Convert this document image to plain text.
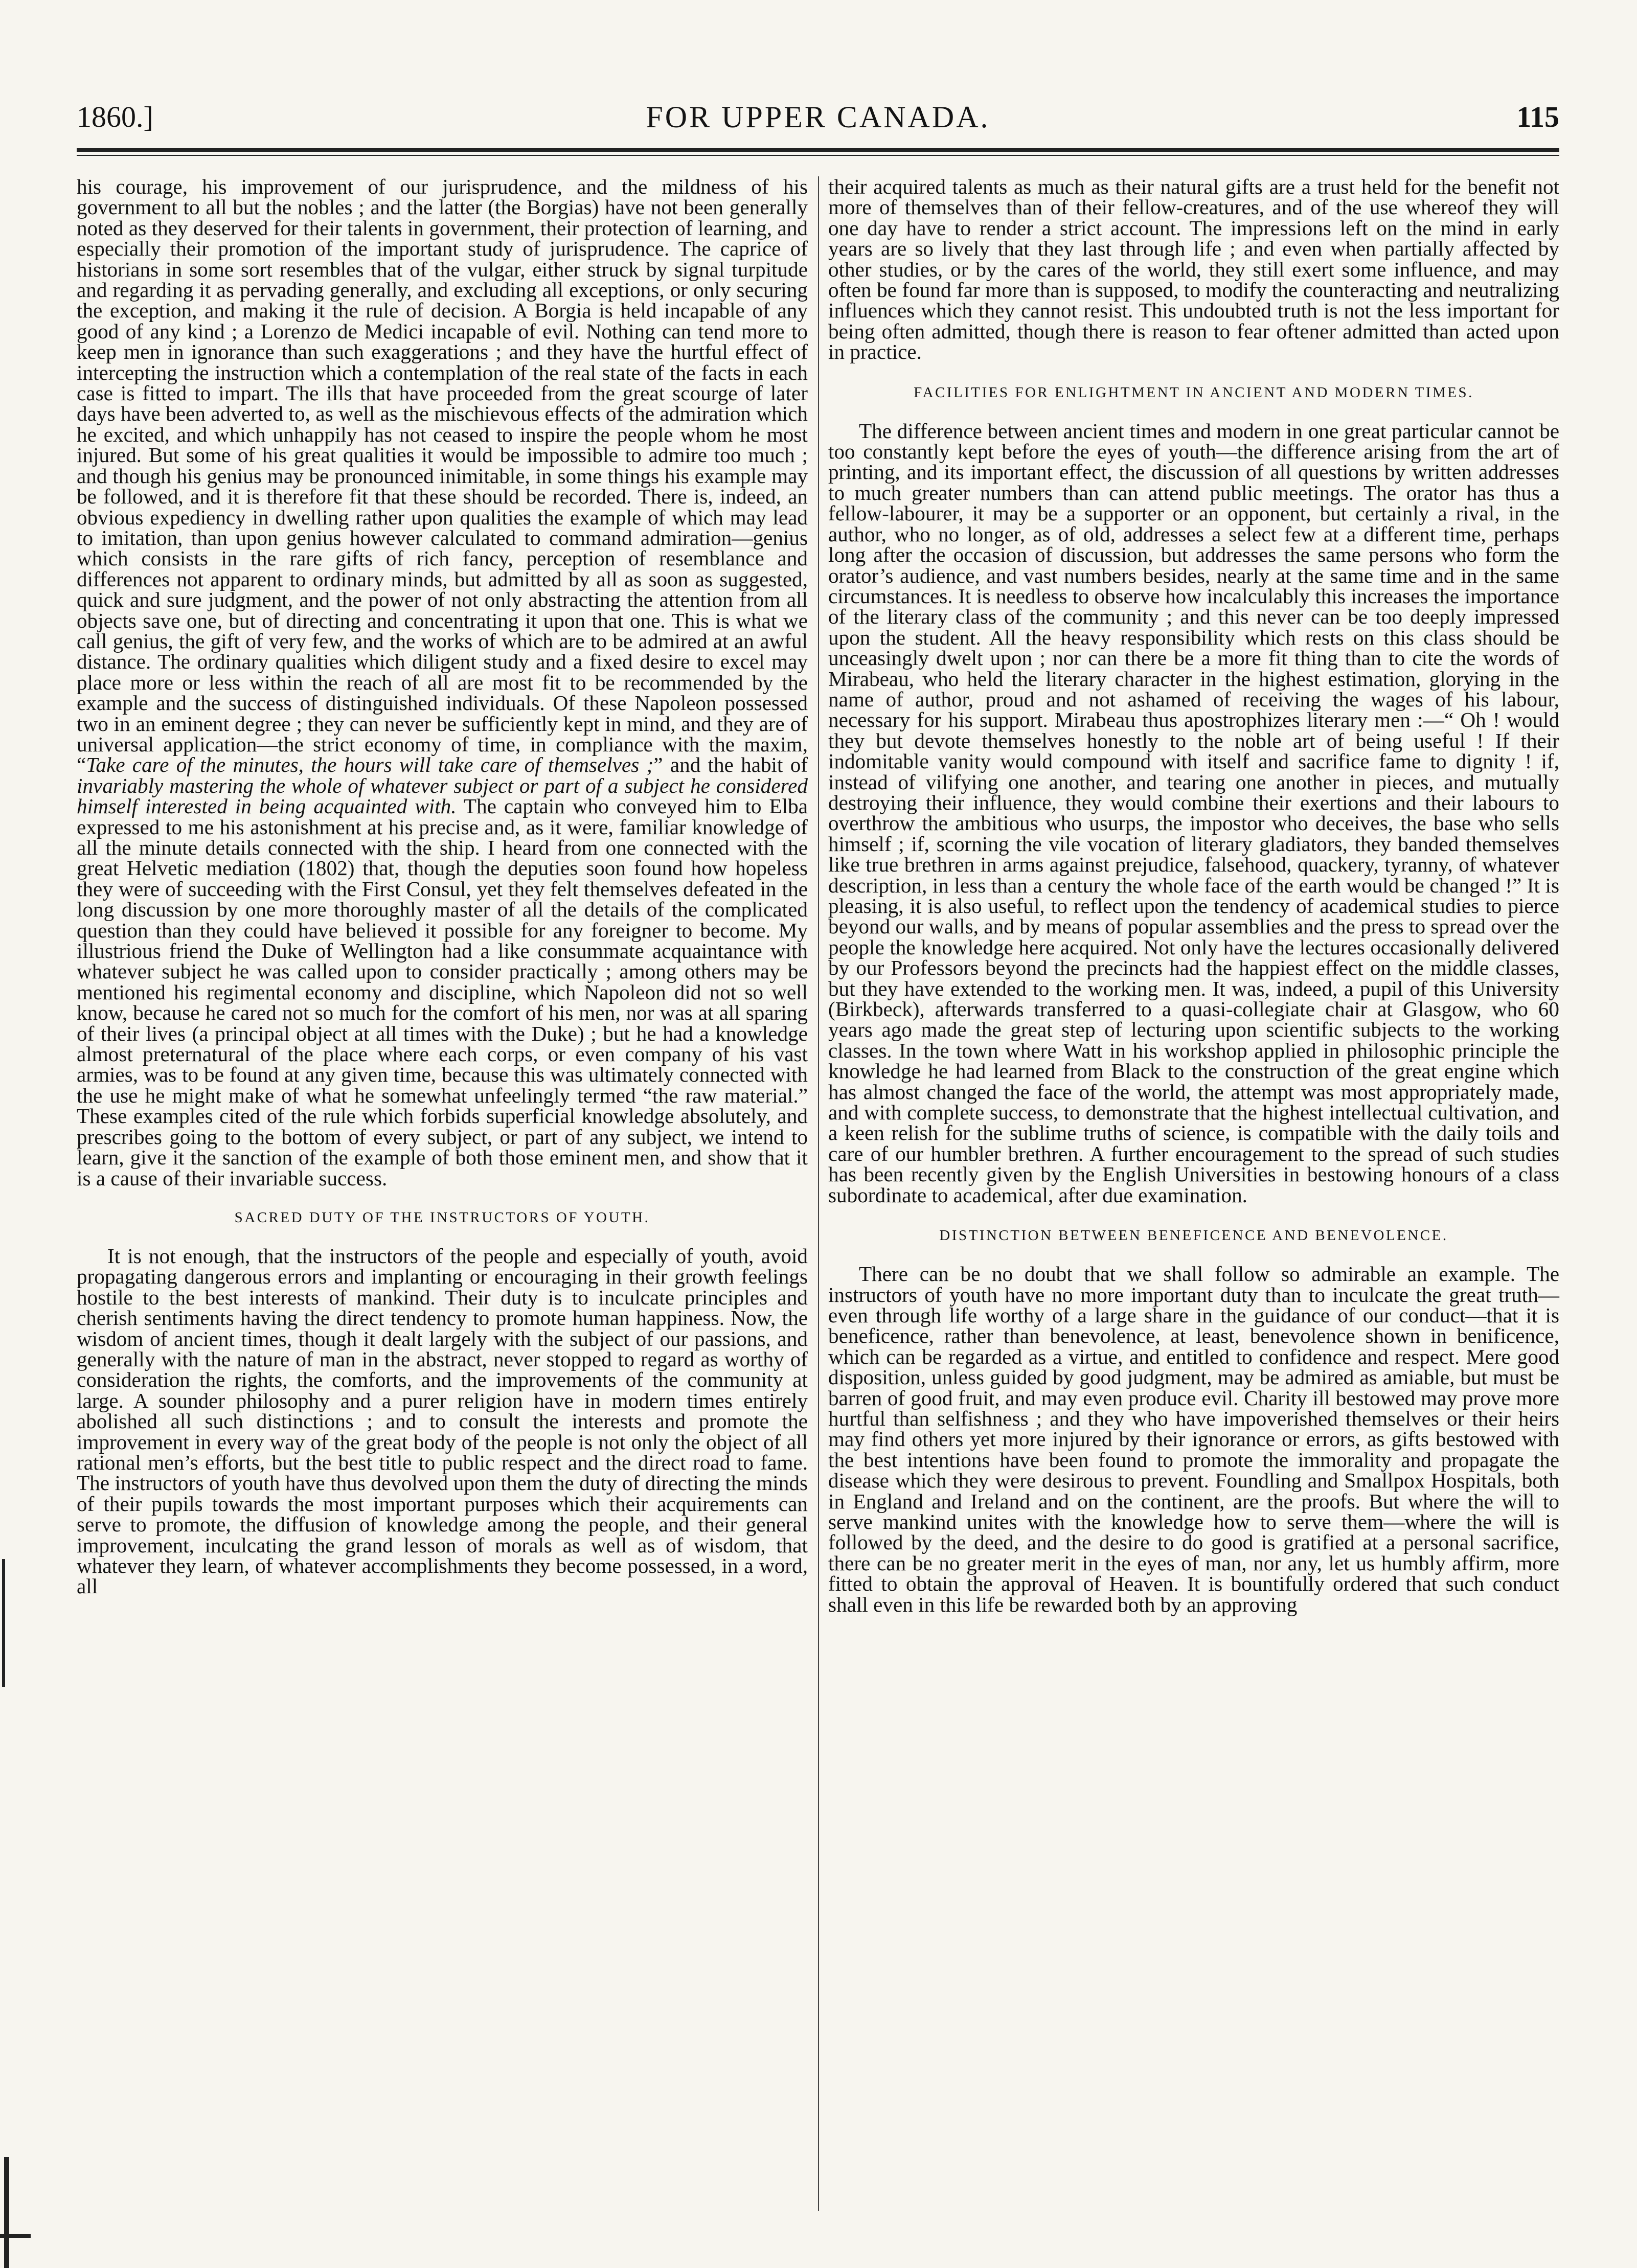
1860.]	FOR UPPER CANADA.	115

his courage, his improvement of our jurisprudence, and the mildness of his government to all but the nobles ; and the latter (the Borgias) have not been generally noted as they deserved for their talents in government, their protection of learning, and especially their promotion of the important study of jurisprudence. The caprice of historians in some sort resembles that of the vulgar, either struck by signal turpitude and regarding it as pervading generally, and excluding all exceptions, or only securing the exception, and making it the rule of decision. A Borgia is held incapable of any good of any kind ; a Lorenzo de Medici incapable of evil. Nothing can tend more to keep men in ignorance than such exaggerations ; and they have the hurtful effect of intercepting the instruction which a contemplation of the real state of the facts in each case is fitted to impart. The ills that have proceeded from the great scourge of later days have been adverted to, as well as the mischievous effects of the admiration which he excited, and which unhappily has not ceased to inspire the people whom he most injured. But some of his great qualities it would be impossible to admire too much ; and though his genius may be pronounced inimitable, in some things his example may be followed, and it is therefore fit that these should be recorded. There is, indeed, an obvious expediency in dwelling rather upon qualities the example of which may lead to imitation, than upon genius however calculated to command admiration—genius which consists in the rare gifts of rich fancy, perception of resemblance and differences not apparent to ordinary minds, but admitted by all as soon as suggested, quick and sure judgment, and the power of not only abstracting the attention from all objects save one, but of directing and concentrating it upon that one. This is what we call genius, the gift of very few, and the works of which are to be admired at an awful distance. The ordinary qualities which diligent study and a fixed desire to excel may place more or less within the reach of all are most fit to be recommended by the example and the success of distinguished individuals. Of these Napoleon possessed two in an eminent degree ; they can never be sufficiently kept in mind, and they are of universal application—the strict economy of time, in compliance with the maxim, “Take care of the minutes, the hours will take care of themselves ;” and the habit of invariably mastering the whole of whatever subject or part of a subject he considered himself interested in being acquainted with. The captain who conveyed him to Elba expressed to me his astonishment at his precise and, as it were, familiar knowledge of all the minute details connected with the ship. I heard from one connected with the great Helvetic mediation (1802) that, though the deputies soon found how hopeless they were of succeeding with the First Consul, yet they felt themselves defeated in the long discussion by one more thoroughly master of all the details of the complicated question than they could have believed it possible for any foreigner to become. My illustrious friend the Duke of Wellington had a like consummate acquaintance with whatever subject he was called upon to consider practically ; among others may be mentioned his regimental economy and discipline, which Napoleon did not so well know, because he cared not so much for the comfort of his men, nor was at all sparing of their lives (a principal object at all times with the Duke) ; but he had a knowledge almost preternatural of the place where each corps, or even company of his vast armies, was to be found at any given time, because this was ultimately connected with the use he might make of what he somewhat unfeelingly termed “the raw material.” These examples cited of the rule which forbids superficial knowledge absolutely, and prescribes going to the bottom of every subject, or part of any subject, we intend to learn, give it the sanction of the example of both those eminent men, and show that it is a cause of their invariable success.

SACRED DUTY OF THE INSTRUCTORS OF YOUTH.

It is not enough, that the instructors of the people and especially of youth, avoid propagating dangerous errors and implanting or encouraging in their growth feelings hostile to the best interests of mankind. Their duty is to inculcate principles and cherish sentiments having the direct tendency to promote human happiness. Now, the wisdom of ancient times, though it dealt largely with the subject of our passions, and generally with the nature of man in the abstract, never stopped to regard as worthy of consideration the rights, the comforts, and the improvements of the community at large. A sounder philosophy and a purer religion have in modern times entirely abolished all such distinctions ; and to consult the interests and promote the improvement in every way of the great body of the people is not only the object of all rational men’s efforts, but the best title to public respect and the direct road to fame. The instructors of youth have thus devolved upon them the duty of directing the minds of their pupils towards the most important purposes which their acquirements can serve to promote, the diffusion of knowledge among the people, and their general improvement, inculcating the grand lesson of morals as well as of wisdom, that whatever they learn, of whatever accomplishments they become possessed, in a word, all

their acquired talents as much as their natural gifts are a trust held for the benefit not more of themselves than of their fellow-creatures, and of the use whereof they will one day have to render a strict account. The impressions left on the mind in early years are so lively that they last through life ; and even when partially affected by other studies, or by the cares of the world, they still exert some influence, and may often be found far more than is supposed, to modify the counteracting and neutralizing influences which they cannot resist. This undoubted truth is not the less important for being often admitted, though there is reason to fear oftener admitted than acted upon in practice.

FACILITIES FOR ENLIGHTMENT IN ANCIENT AND MODERN TIMES.

The difference between ancient times and modern in one great particular cannot be too constantly kept before the eyes of youth—the difference arising from the art of printing, and its important effect, the discussion of all questions by written addresses to much greater numbers than can attend public meetings. The orator has thus a fellow-labourer, it may be a supporter or an opponent, but certainly a rival, in the author, who no longer, as of old, addresses a select few at a different time, perhaps long after the occasion of discussion, but addresses the same persons who form the orator’s audience, and vast numbers besides, nearly at the same time and in the same circumstances. It is needless to observe how incalculably this increases the importance of the literary class of the community ; and this never can be too deeply impressed upon the student. All the heavy responsibility which rests on this class should be unceasingly dwelt upon ; nor can there be a more fit thing than to cite the words of Mirabeau, who held the literary character in the highest estimation, glorying in the name of author, proud and not ashamed of receiving the wages of his labour, necessary for his support. Mirabeau thus apostrophizes literary men :—“ Oh ! would they but devote themselves honestly to the noble art of being useful ! If their indomitable vanity would compound with itself and sacrifice fame to dignity ! if, instead of vilifying one another, and tearing one another in pieces, and mutually destroying their influence, they would combine their exertions and their labours to overthrow the ambitious who usurps, the impostor who deceives, the base who sells himself ; if, scorning the vile vocation of literary gladiators, they banded themselves like true brethren in arms against prejudice, falsehood, quackery, tyranny, of whatever description, in less than a century the whole face of the earth would be changed !” It is pleasing, it is also useful, to reflect upon the tendency of academical studies to pierce beyond our walls, and by means of popular assemblies and the press to spread over the people the knowledge here acquired. Not only have the lectures occasionally delivered by our Professors beyond the precincts had the happiest effect on the middle classes, but they have extended to the working men. It was, indeed, a pupil of this University (Birkbeck), afterwards transferred to a quasi-collegiate chair at Glasgow, who 60 years ago made the great step of lecturing upon scientific subjects to the working classes. In the town where Watt in his workshop applied in philosophic principle the knowledge he had learned from Black to the construction of the great engine which has almost changed the face of the world, the attempt was most appropriately made, and with complete success, to demonstrate that the highest intellectual cultivation, and a keen relish for the sublime truths of science, is compatible with the daily toils and care of our humbler brethren. A further encouragement to the spread of such studies has been recently given by the English Universities in bestowing honours of a class subordinate to academical, after due examination.

DISTINCTION BETWEEN BENEFICENCE AND BENEVOLENCE.

There can be no doubt that we shall follow so admirable an example. The instructors of youth have no more important duty than to inculcate the great truth—even through life worthy of a large share in the guidance of our conduct—that it is beneficence, rather than benevolence, at least, benevolence shown in benificence, which can be regarded as a virtue, and entitled to confidence and respect. Mere good disposition, unless guided by good judgment, may be admired as amiable, but must be barren of good fruit, and may even produce evil. Charity ill bestowed may prove more hurtful than selfishness ; and they who have impoverished themselves or their heirs may find others yet more injured by their ignorance or errors, as gifts bestowed with the best intentions have been found to promote the immorality and propagate the disease which they were desirous to prevent. Foundling and Smallpox Hospitals, both in England and Ireland and on the continent, are the proofs. But where the will to serve mankind unites with the knowledge how to serve them—where the will is followed by the deed, and the desire to do good is gratified at a personal sacrifice, there can be no greater merit in the eyes of man, nor any, let us humbly affirm, more fitted to obtain the approval of Heaven. It is bountifully ordered that such conduct shall even in this life be rewarded both by an approving
